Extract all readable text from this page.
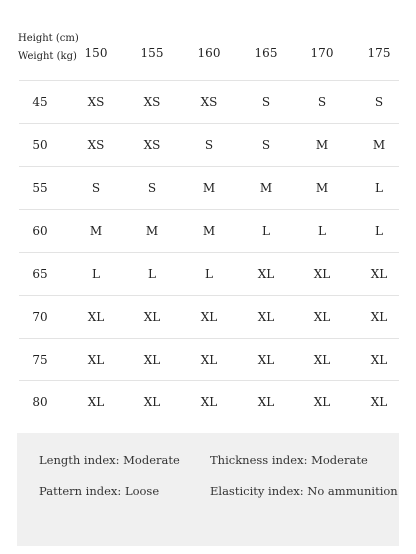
Height (cm)
Weight (kg) 150	155	160	165	170	175
45	XS	XS	XS	S	S	S
50	XS	XS	S	S	M	M
55	S	S	M	M	M	L
60	M	M	M	L	L	L
65	L	L	L	XL	XL	XL
70	XL	XL	XL	XL	XL	XL
75	XL	XL	XL	XL	XL	XL
80	XL	XL	XL	XL	XL	XL
Length index: Moderate	Thickness index: Moderate
Pattern index: Loose	Elasticity index: No ammunition
